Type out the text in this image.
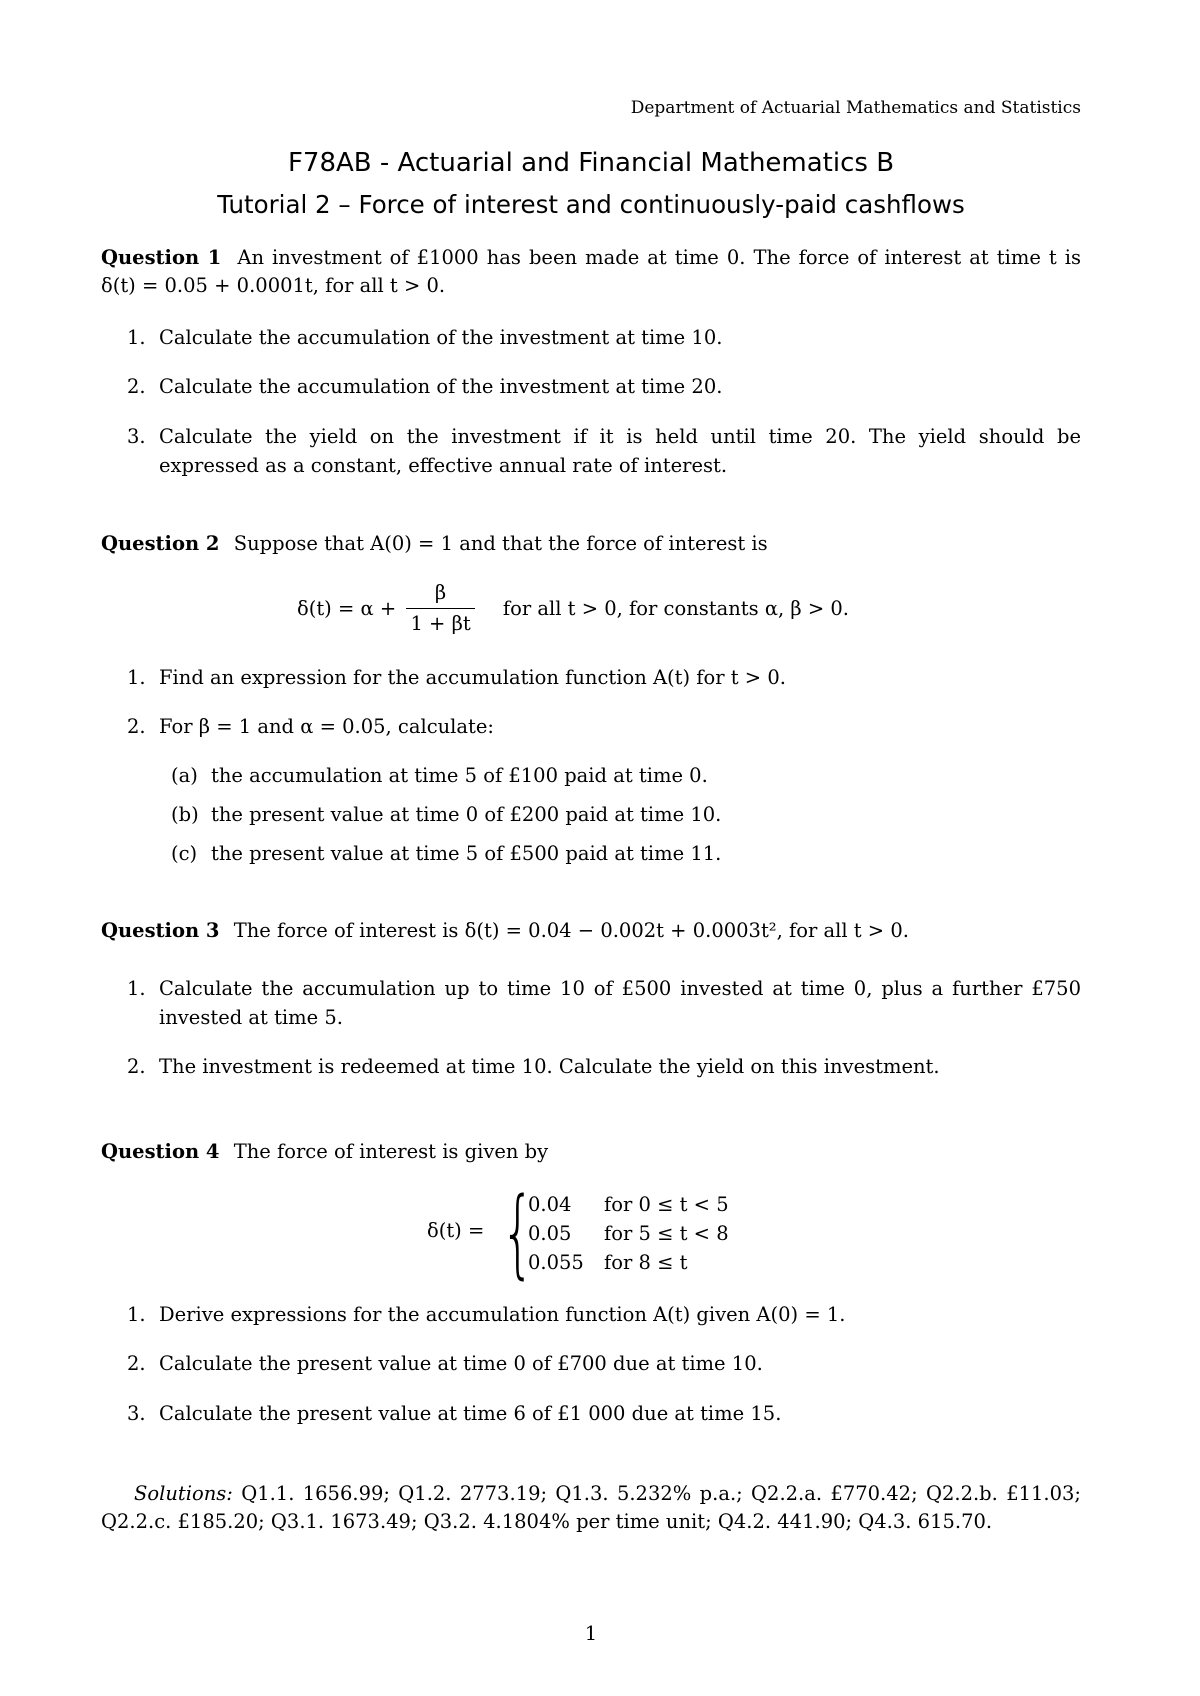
Department of Actuarial Mathematics and Statistics
F78AB - Actuarial and Financial Mathematics B
Tutorial 2 – Force of interest and continuously-paid cashflows
Question 1 An investment of £1000 has been made at time 0. The force of interest at time t is δ(t) = 0.05 + 0.0001t, for all t > 0.
1. Calculate the accumulation of the investment at time 10.
2. Calculate the accumulation of the investment at time 20.
3. Calculate the yield on the investment if it is held until time 20. The yield should be expressed as a constant, effective annual rate of interest.
Question 2 Suppose that A(0) = 1 and that the force of interest is
$\delta(t) = \alpha + \frac{\beta}{1 + \beta t}$ for all t > 0, for constants α, β > 0.
1. Find an expression for the accumulation function A(t) for t > 0.
2. For β = 1 and α = 0.05, calculate:
(a) the accumulation at time 5 of £100 paid at time 0.
(b) the present value at time 0 of £200 paid at time 10.
(c) the present value at time 5 of £500 paid at time 11.
Question 3 The force of interest is δ(t) = 0.04 − 0.002t + 0.0003t², for all t > 0.
1. Calculate the accumulation up to time 10 of £500 invested at time 0, plus a further £750 invested at time 5.
2. The investment is redeemed at time 10. Calculate the yield on this investment.
Question 4 The force of interest is given by
δ(t) = {
0.04 for 0 ≤ t < 5
0.05 for 5 ≤ t < 8
0.055 for 8 ≤ t
1. Derive expressions for the accumulation function A(t) given A(0) = 1.
2. Calculate the present value at time 0 of £700 due at time 10.
3. Calculate the present value at time 6 of £1 000 due at time 15.
Solutions: Q1.1. 1656.99; Q1.2. 2773.19; Q1.3. 5.232% p.a.; Q2.2.a. £770.42; Q2.2.b. £11.03; Q2.2.c. £185.20; Q3.1. 1673.49; Q3.2. 4.1804% per time unit; Q4.2. 441.90; Q4.3. 615.70.
1
